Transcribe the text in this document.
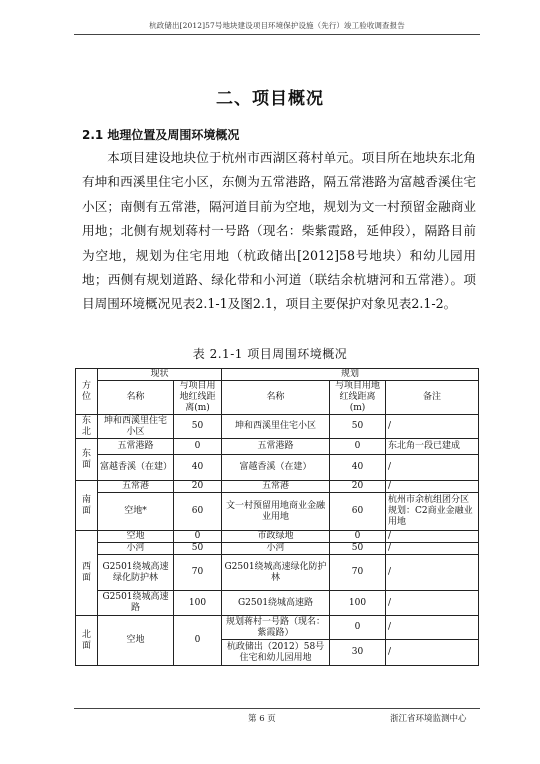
杭政储出[2012]57号地块建设项目环境保护设施（先行）竣工验收调查报告
二、项目概况
2.1 地理位置及周围环境概况

本项目建设地块位于杭州市西湖区蒋村单元。项目所在地块东北角有坤和西溪里住宅小区，东侧为五常港路，隔五常港路为富越香溪住宅小区；南侧有五常港，隔河道目前为空地，规划为文一村预留金融商业用地；北侧有规划蒋村一号路（现名：柴紫霞路，延伸段），隔路目前为空地，规划为住宅用地（杭政储出[2012]58号地块）和幼儿园用地；西侧有规划道路、绿化带和小河道（联结余杭塘河和五常港）。项目周围环境概况见表2.1-1及图2.1，项目主要保护对象见表2.1-2。

表 2.1-1 项目周围环境概况
方位	现状		规划		
	名称	与项目用地红线距离(m)	名称	与项目用地红线距离(m)	备注
东北	坤和西溪里住宅小区	50	坤和西溪里住宅小区	50	/
东面	五常港路	0	五常港路	0	东北角一段已建成
	富越香溪（在建）	40	富越香溪（在建）	40	/
南面	五常港	20	五常港	20	/
	空地*	60	文一村预留用地商业金融业用地	60	杭州市余杭组团分区规划：C2商业金融业用地
西面	空地	0	市政绿地	0	/
	小河	50	小河	50	/
	G2501绕城高速绿化防护林	70	G2501绕城高速绿化防护林	70	/
	G2501绕城高速路	100	G2501绕城高速路	100	/
北面	空地	0	规划蒋村一号路（现名：紫霞路）	0	/
			杭政储出（2012）58号住宅和幼儿园用地	30	/
第 6 页	浙江省环境监测中心
